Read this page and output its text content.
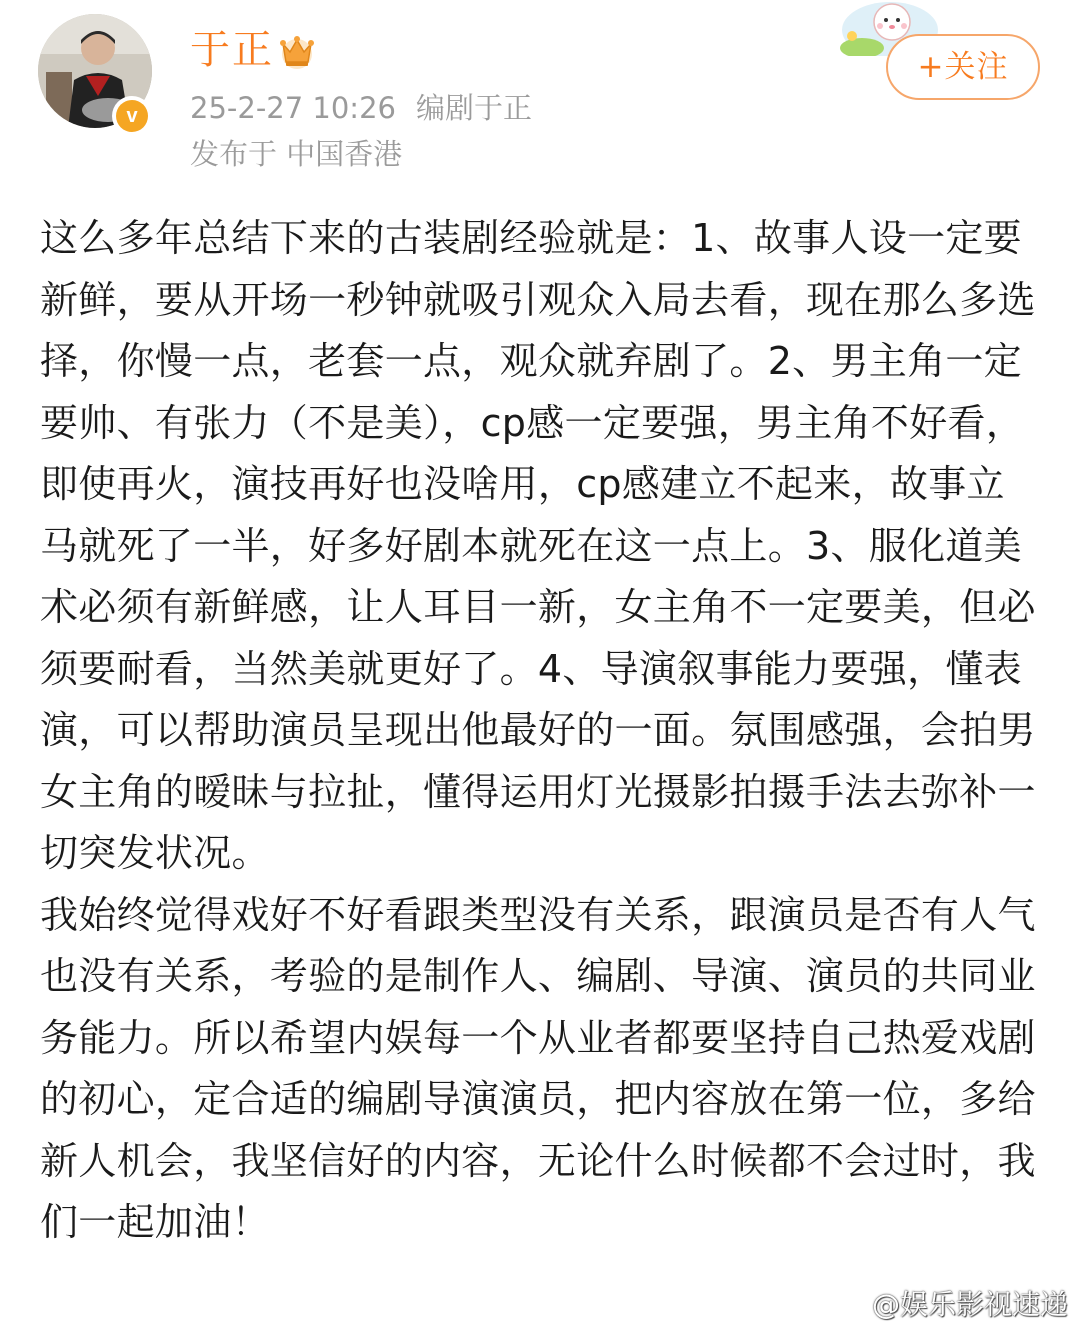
v
于正
25-2-27 10:26 编剧于正
发布于 中国香港
+关注

这么多年总结下来的古装剧经验就是：1、故事人设一定要新鲜，要从开场一秒钟就吸引观众入局去看，现在那么多选择，你慢一点，老套一点，观众就弃剧了。2、男主角一定要帅、有张力（不是美），cp感一定要强，男主角不好看，即使再火，演技再好也没啥用，cp感建立不起来，故事立马就死了一半，好多好剧本就死在这一点上。3、服化道美术必须有新鲜感，让人耳目一新，女主角不一定要美，但必须要耐看，当然美就更好了。4、导演叙事能力要强，懂表演，可以帮助演员呈现出他最好的一面。氛围感强，会拍男女主角的暧昧与拉扯，懂得运用灯光摄影拍摄手法去弥补一切突发状况。

我始终觉得戏好不好看跟类型没有关系，跟演员是否有人气也没有关系，考验的是制作人、编剧、导演、演员的共同业务能力。所以希望内娱每一个从业者都要坚持自己热爱戏剧的初心，定合适的编剧导演演员，把内容放在第一位，多给新人机会，我坚信好的内容，无论什么时候都不会过时，我们一起加油！

@娱乐影视速递
